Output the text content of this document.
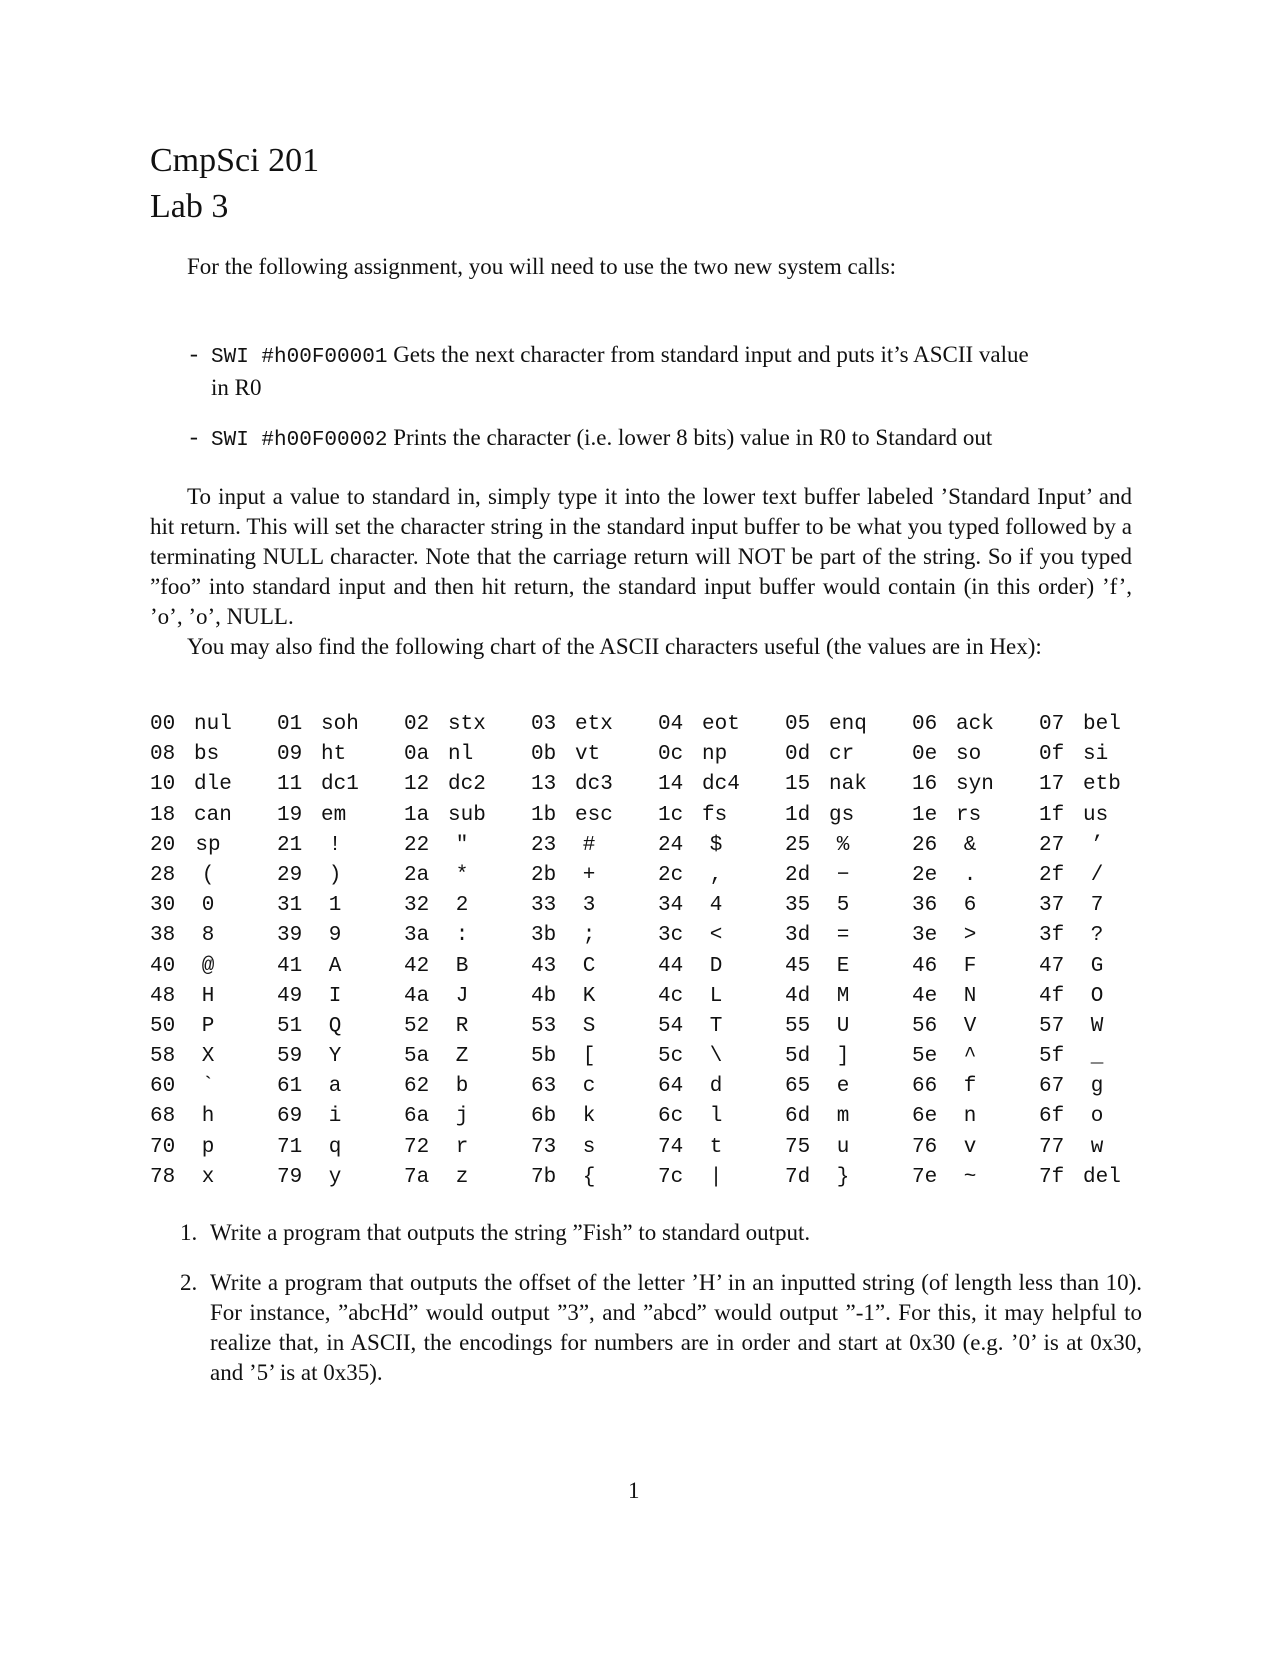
CmpSci 201
Lab 3
For the following assignment, you will need to use the two new system calls:
- SWI #h00F00001 Gets the next character from standard input and puts it’s ASCII value
in R0
- SWI #h00F00002 Prints the character (i.e. lower 8 bits) value in R0 to Standard out

To input a value to standard in, simply type it into the lower text buffer labeled ’Standard Input’ and hit return. This will set the character string in the standard input buffer to be what you typed followed by a terminating NULL character. Note that the carriage return will NOT be part of the string. So if you typed ”foo” into standard input and then hit return, the standard input buffer would contain (in this order) ’f’, ’o’, ’o’, NULL.

You may also find the following chart of the ASCII characters useful (the values are in Hex):

00 nul	01 soh	02 stx	03 etx	04 eot	05 enq	06 ack	07 bel
08 bs	09 ht	0a nl	0b vt	0c np	0d cr	0e so	0f si
10 dle	11 dc1	12 dc2	13 dc3	14 dc4	15 nak	16 syn	17 etb
18 can	19 em	1a sub	1b esc	1c fs	1d gs	1e rs	1f us
20 sp	21 !	22 "	23 #	24 $	25 %	26 &	27 ’
28 (	29 )	2a *	2b +	2c ,	2d −	2e .	2f /
30 0	31 1	32 2	33 3	34 4	35 5	36 6	37 7
38 8	39 9	3a :	3b ;	3c <	3d =	3e >	3f ?
40 @	41 A	42 B	43 C	44 D	45 E	46 F	47 G
48 H	49 I	4a J	4b K	4c L	4d M	4e N	4f O
50 P	51 Q	52 R	53 S	54 T	55 U	56 V	57 W
58 X	59 Y	5a Z	5b [	5c \	5d ]	5e ^	5f _
60 `	61 a	62 b	63 c	64 d	65 e	66 f	67 g
68 h	69 i	6a j	6b k	6c l	6d m	6e n	6f o
70 p	71 q	72 r	73 s	74 t	75 u	76 v	77 w
78 x	79 y	7a z	7b {	7c |	7d }	7e ~	7f del
1. Write a program that outputs the string ”Fish” to standard output.
2. Write a program that outputs the offset of the letter ’H’ in an inputted string (of length less than 10). For instance, ”abcHd” would output ”3”, and ”abcd” would output ”-1”. For this, it may helpful to realize that, in ASCII, the encodings for numbers are in order and start at 0x30 (e.g. ’0’ is at 0x30, and ’5’ is at 0x35).
1
